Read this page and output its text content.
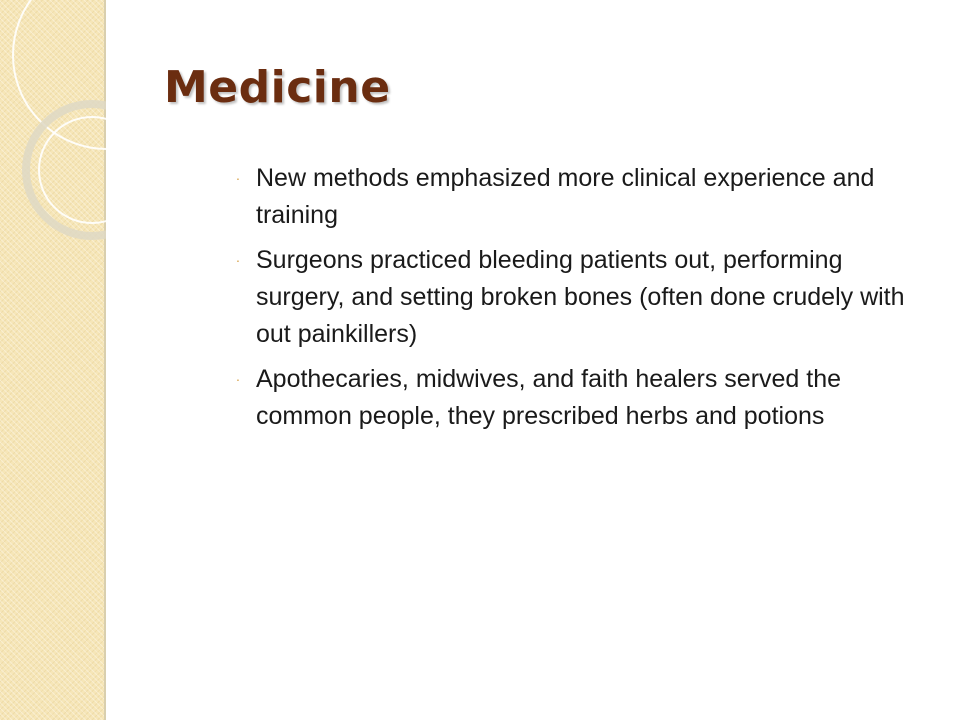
Medicine
· New methods emphasized more clinical experience and training
· Surgeons practiced bleeding patients out, performing surgery, and setting broken bones (often done crudely with out painkillers)
· Apothecaries, midwives, and faith healers served the common people, they prescribed herbs and potions
